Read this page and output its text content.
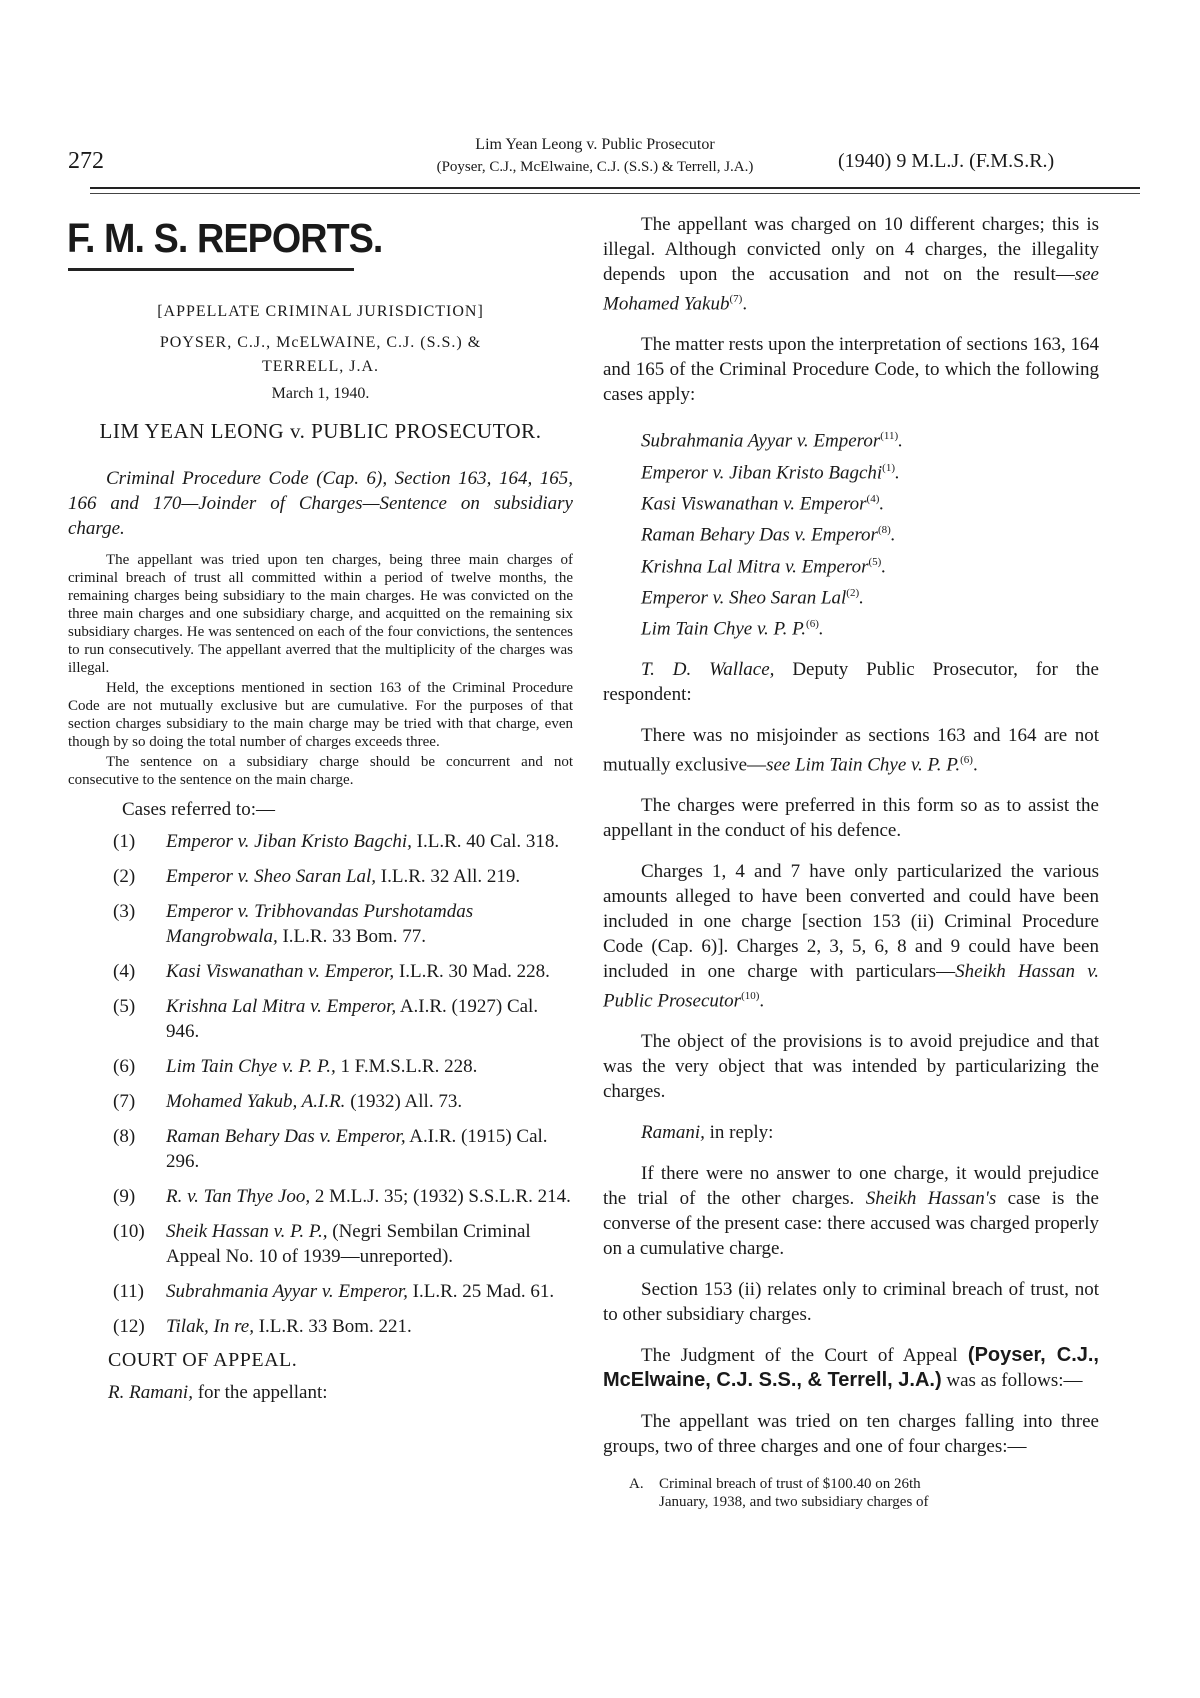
272
Lim Yean Leong v. Public Prosecutor
(Poyser, C.J., McElwaine, C.J. (S.S.) & Terrell, J.A.)	(1940) 9 M.L.J. (F.M.S.R.)
F. M. S. REPORTS.
[APPELLATE CRIMINAL JURISDICTION]
POYSER, C.J., McELWAINE, C.J. (S.S.) &
TERRELL, J.A.
March 1, 1940.
LIM YEAN LEONG v. PUBLIC PROSECUTOR.
Criminal Procedure Code (Cap. 6), Section 163, 164, 165, 166 and 170—Joinder of Charges—Sentence on subsidiary charge.
The appellant was tried upon ten charges, being three main charges of criminal breach of trust all committed within a period of twelve months, the remaining charges being subsidiary to the main charges. He was convicted on the three main charges and one subsidiary charge, and acquitted on the remaining six subsidiary charges. He was sentenced on each of the four convictions, the sentences to run consecutively. The appellant averred that the multiplicity of the charges was illegal.
Held, the exceptions mentioned in section 163 of the Criminal Procedure Code are not mutually exclusive but are cumulative. For the purposes of that section charges subsidiary to the main charge may be tried with that charge, even though by so doing the total number of charges exceeds three.
The sentence on a subsidiary charge should be concurrent and not consecutive to the sentence on the main charge.
Cases referred to:—
(1)	Emperor v. Jiban Kristo Bagchi, I.L.R. 40 Cal. 318.
(2)	Emperor v. Sheo Saran Lal, I.L.R. 32 All. 219.
(3)	Emperor v. Tribhovandas Purshotamdas Mangrobwala, I.L.R. 33 Bom. 77.
(4)	Kasi Viswanathan v. Emperor, I.L.R. 30 Mad. 228.
(5)	Krishna Lal Mitra v. Emperor, A.I.R. (1927) Cal. 946.
(6)	Lim Tain Chye v. P. P., 1 F.M.S.L.R. 228.
(7)	Mohamed Yakub, A.I.R. (1932) All. 73.
(8)	Raman Behary Das v. Emperor, A.I.R. (1915) Cal. 296.
(9)	R. v. Tan Thye Joo, 2 M.L.J. 35; (1932) S.S.L.R. 214.
(10)	Sheik Hassan v. P. P., (Negri Sembilan Criminal Appeal No. 10 of 1939—unreported).
(11)	Subrahmania Ayyar v. Emperor, I.L.R. 25 Mad. 61.
(12)	Tilak, In re, I.L.R. 33 Bom. 221.
COURT OF APPEAL.
R. Ramani, for the appellant:
The appellant was charged on 10 different charges; this is illegal. Although convicted only on 4 charges, the illegality depends upon the accusation and not on the result—see Mohamed Yakub$^{(7)}$.
The matter rests upon the interpretation of sections 163, 164 and 165 of the Criminal Procedure Code, to which the following cases apply:
Subrahmania Ayyar v. Emperor$^{(11)}$.
Emperor v. Jiban Kristo Bagchi$^{(1)}$.
Kasi Viswanathan v. Emperor$^{(4)}$.
Raman Behary Das v. Emperor$^{(8)}$.
Krishna Lal Mitra v. Emperor$^{(5)}$.
Emperor v. Sheo Saran Lal$^{(2)}$.
Lim Tain Chye v. P. P.$^{(6)}$.
T. D. Wallace, Deputy Public Prosecutor, for the respondent:
There was no misjoinder as sections 163 and 164 are not mutually exclusive—see Lim Tain Chye v. P. P.$^{(6)}$.
The charges were preferred in this form so as to assist the appellant in the conduct of his defence.
Charges 1, 4 and 7 have only particularized the various amounts alleged to have been converted and could have been included in one charge [section 153 (ii) Criminal Procedure Code (Cap. 6)]. Charges 2, 3, 5, 6, 8 and 9 could have been included in one charge with particulars—Sheikh Hassan v. Public Prosecutor$^{(10)}$.
The object of the provisions is to avoid prejudice and that was the very object that was intended by particularizing the charges.
Ramani, in reply:
If there were no answer to one charge, it would prejudice the trial of the other charges. Sheikh Hassan's case is the converse of the present case: there accused was charged properly on a cumulative charge.
Section 153 (ii) relates only to criminal breach of trust, not to other subsidiary charges.
The Judgment of the Court of Appeal (Poyser, C.J., McElwaine, C.J. S.S., & Terrell, J.A.) was as follows:—
The appellant was tried on ten charges falling into three groups, two of three charges and one of four charges:—
A. Criminal breach of trust of $100.40 on 26th
January, 1938, and two subsidiary charges of
